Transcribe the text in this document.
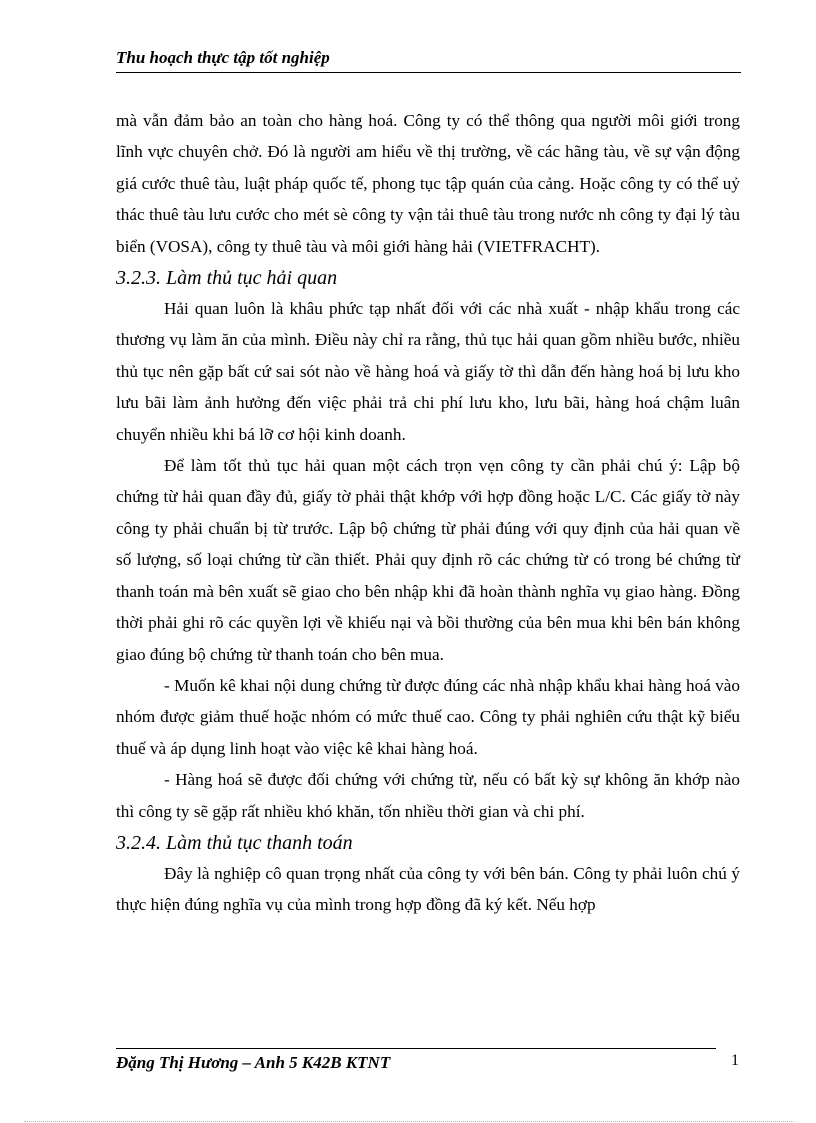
Thu hoạch thực tập tốt nghiệp

mà vẫn đảm bảo an toàn cho hàng hoá. Công ty có thể thông qua người môi giới trong lĩnh vực chuyên chở. Đó là người am hiểu về thị trường, về các hãng tàu, về sự vận động giá cước thuê tàu, luật pháp quốc tế, phong tục tập quán của cảng. Hoặc công ty có thể uỷ thác thuê tàu lưu cước cho mét sè công ty vận tải thuê tàu trong nước nh công ty đại lý tàu biển (VOSA), công ty thuê tàu và môi giới hàng hải (VIETFRACHT).

3.2.3. Làm thủ tục hải quan

Hải quan luôn là khâu phức tạp nhất đối với các nhà xuất - nhập khẩu trong các thương vụ làm ăn của mình. Điều này chỉ ra rằng, thủ tục hải quan gồm nhiều bước, nhiều thủ tục nên gặp bất cứ sai sót nào về hàng hoá và giấy tờ thì dẫn đến hàng hoá bị lưu kho lưu bãi làm ảnh hưởng đến việc phải trả chi phí lưu kho, lưu bãi, hàng hoá chậm luân chuyển nhiều khi bá lỡ cơ hội kinh doanh.

Để làm tốt thủ tục hải quan một cách trọn vẹn công ty cần phải chú ý: Lập bộ chứng từ hải quan đầy đủ, giấy tờ phải thật khớp với hợp đồng hoặc L/C. Các giấy tờ này công ty phải chuẩn bị từ trước. Lập bộ chứng từ phải đúng với quy định của hải quan về số lượng, số loại chứng từ cần thiết. Phải quy định rõ các chứng từ có trong bé chứng từ thanh toán mà bên xuất sẽ giao cho bên nhập khi đã hoàn thành nghĩa vụ giao hàng. Đồng thời phải ghi rõ các quyền lợi về khiếu nại và bồi thường của bên mua khi bên bán không giao đúng bộ chứng từ thanh toán cho bên mua.

- Muốn kê khai nội dung chứng từ được đúng các nhà nhập khẩu khai hàng hoá vào nhóm được giảm thuế hoặc nhóm có mức thuế cao. Công ty phải nghiên cứu thật kỹ biểu thuế và áp dụng linh hoạt vào việc kê khai hàng hoá.

- Hàng hoá sẽ được đối chứng với chứng từ, nếu có bất kỳ sự không ăn khớp nào thì công ty sẽ gặp rất nhiều khó khăn, tốn nhiều thời gian và chi phí.

3.2.4. Làm thủ tục thanh toán

Đây là nghiệp cô quan trọng nhất của công ty với bên bán. Công ty phải luôn chú ý thực hiện đúng nghĩa vụ của mình trong hợp đồng đã ký kết. Nếu hợp

Đặng Thị Hương – Anh 5 K42B KTNT	1
